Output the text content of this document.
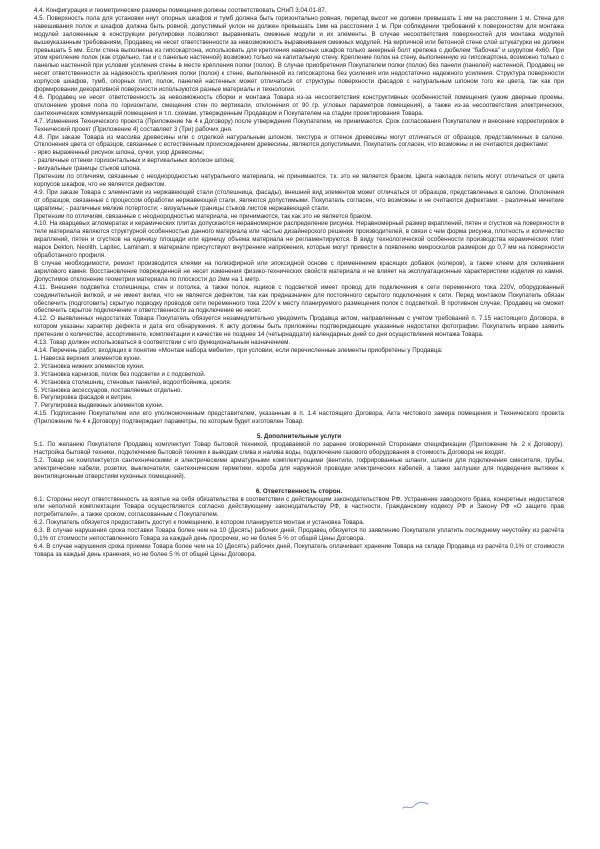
4.4. Конфигурация и геометрические размеры помещения должны соответствовать СНиП 3.04.01-87.

4.5. Поверхность пола для установки ниут опорных шкафов и тумб должна быть горизонтально ровная, перепад высот не должен превышать 1 мм на расстоянии 1 м. Стена для навешивания полок и шкафов должна быть ровной, допустимый уклон не должен превышать 1мм на расстоянии 1 м. При соблюдении требований к поверхностям для монтажа модулей заложенные в конструкции регулировки позволяют выравнивать смежные модули и их элементы. В случае несоответствия поверхностей для монтажа модулей вышеуказанным требованиям, Продавец не несет ответственности за невозможность выравнивания смежных модулей. На кирпичной или бетонной стене слой штукатурки не должен превышать 5 мм. Если стена выполнена из гипсокартона, использовать для крепления навесных шкафов только анкерный болт крепежа с дюбелем "бабочка" и шурупом 4х60. При этом крепление полок (как отдельно, так и с панелью настенной) возможно только на капитальную стену. Крепление полок на стену, выполненную из гипсокартона, возможно только с панелью настенной при условии усиления стены в месте крепления полки (полок). В случае приобретения Покупателем полки (полок) без панели (панелей) настенной, Продавец не несет ответственности за надежность крепления полки (полок) к стене, выполненной из гипсокартона без усиления или недостаточно надежного усиления. Структура поверхности корпусов шкафов, тумб, опорных плит, полок, панелей настенных может отличаться от структуры поверхности фасадов с натуральным шпоном того же цвета, так как при формировании декоративной поверхности используются разные материалы и технологии.

4.6. Продавец не несет ответственность за невозможность сборки и монтажа Товара из-за несоответствия конструктивных особенностей помещения (узкие дверные проемы, отклонение уровня пола по горизонтали, смещения стен по вертикали, отклонения от 90 гр. угловых параметров помещения), а также из-за несоответствия электрических, сантехнических коммуникаций помещения и т.п. схемам, утвержденным Продавцом и Покупателем на стадии проектирования Товара.

4.7. Изменения Технического проекта (Приложение № 4 к Договору) после утверждения Покупателем, не принимаются. Срок согласования Покупателем и внесение корректировок в Технический проект (Приложение 4) составляет 3 (Три) рабочих дня.

4.8. При заказе Товара из массива древесины или с отделкой натуральным шпоном, текстура и оттенок древесины могут отличаться от образцов, представленных в салоне. Отклонения цвета от образцов, связанные с естественным происхождением древесины, являются допустимыми. Покупатель согласен, что возможны и не считаются дефектами:

- ярко выраженный рисунок шпона, сучки, узор древесины;

- различные оттенки горизонтальных и вертикальных волокон шпона;

- визуальные границы стыков шпона.

Претензии по отличиям, связанные с неоднородностью натурального материала, не принимаются, т.к. это не является браком. Цвета накладок петель могут отличаться от цвета корпусов шкафов, что не является дефектом.

4.9. При заказе Товара с элементами из нержавеющей стали (столешница, фасады), внешний вид элементов может отличаться от образцов, представленных в салоне. Отклонения от образцов, связанные с процессом обработки нержавеющей стали, являются допустимыми. Покупатель согласен, что возможны и не считаются дефектами: - различные нечеткие царапины; - различные мелкие потертости; - визуальные границы стыков листов нержавеющей стали.

Претензии по отличиям, связанные с неоднородностью материала, не принимаются, так как это не является браком.

4.10. На кварцевых агломератах и керамических плитах допускаются неравномерное распределение рисунка. Неравномерный размер вкраплений, пятен и сгустков на поверхности в теле материала являются структурной особенностью данного материала или частью дизайнерского решения производителей, в связи с чем форма рисунка, плотность и количество вкраплений, пятен и сгустков на единицу площади или единицу объема материала не регламентируются. В виду технологической особенности производства керамических плит марок Dekton, Neolith, Lapitec, Laminam, в материале присутствуют внутренние напряжения, которые могут привести в появлению микросколов размером до 0,7 мм на поверхности обработанного профиля.

В случае необходимости, ремонт производится клеями на полиэфирной или эпоксидной основе с применением красящих добавок (колеров), а также клеем для склеивания акрилового камня. Восстановление поврежденной не несет изменения физико-технических свойств материала и не влияет на эксплуатационные характеристики изделия из камня. Допустимое отклонение геометрии материала по плоскости до 2мм на 1 метр.

4.11. Внешняя подсветка столешницы, стен и потолка, а также полок, ящиков с подсветкой имеет провод для подключения к сети переменного тока 220V, оборудованный соединительной вилкой, и не имеет вилки, что не является дефектом, так как предназначен для постоянного скрытого подключения к сети. Перед монтажом Покупатель обязан обеспечить (подготовить) скрытую подводку проводов сети переменного тока 220V к месту планируемого размещения полок с подсветкой. В противном случае, Продавец не сможет обеспечить скрытое подключение и ответственности за подключение не несет.

4.12. О выявленных недостатках Товара Покупатель обязуется незамедлительно уведомить Продавца актом, направленным с учетом требований п. 7.15 настоящего Договора, в котором указаны характер дефекта и дата его обнаружения. К акту должны быть приложены подтверждающие указанные недостатки фотографии. Покупатель вправе заявить претензии о количестве, ассортименте, комплектации и качестве не позднее 14 (четырнадцати) календарных дней со дня осуществления монтажа Товара.

4.13. Товар должен использоваться в соответствии с его функциональным назначением.

4.14. Перечень работ, входящих в понятие «Монтаж набора мебели», при условии, если перечисленные элементы приобретены у Продавца:

1. Навеска верхних элементов кухни.

2. Установка нижних элементов кухни.

3. Установка карнизов, полок без подсветки и с подсветкой.

4. Установка столешниц, стеновых панелей, водоотбойника, цоколя.

5. Установка аксессуаров, поставляемых отдельно.

6. Регулировка фасадов и витрин.

7. Регулировка выдвижных элементов кухни.

4.15. Подписание Покупателем или его уполномоченным представителем, указанным в п. 1.4 настоящего Договора, Акта чистового замера помещения и Технического проекта (Приложение № 4 к Договору) подтверждает параметры, по которым будет изготовлен Товар.

5. Дополнительные услуги

5.1. По желанию Покупателя Продавец комплектует Товар бытовой техникой, продаваемой по заранее оговоренной Сторонами спецификации (Приложение № 2 к Договору). Настройка бытовой техники, подключение бытовой техники к выводам слива и налива воды, подключение газового оборудования в стоимость Договора не входят.

5.2. Товар не комплектуется сантехническими и электрическими арматурными комплектующими (вентили, гофрированные шланги, шланги для подключения смесителя, трубы, электрические кабели, розетки, выключатели, сантехнические герметики, короба для наружной проводки электрических кабелей, а также заглушки для подведения вытяжек к вентиляционным отверстиям кухонных помещений).

6. Ответственность сторон.

6.1. Стороны несут ответственность за взятые на себя обязательства в соответствии с действующим законодательством РФ. Устранение заводского брака, конкретных недостатков или неполной комплектации Товара осуществляется согласно действующему законодательству РФ, в частности, Гражданскому кодексу РФ и Закону РФ «О защите прав потребителей», а также сроком, согласованным с Покупателем.

6.2. Покупатель обязуется предоставить доступ к помещению, в котором планируется монтаж и установка Товара.

6.3. В случае нарушения срока поставки Товара более чем на 10 (Десять) рабочих дней, Продавец обязуется по заявлению Покупателя уплатить последнему неустойку из расчёта 0,1% от стоимости непоставленного Товара за каждый день просрочки, но не более 5 % от общей Цены Договора.

6.4. В случае нарушения срока приемки Товара более чем на 10 (Десять) рабочих дней, Покупатель оплачивает хранение Товара на складе Продавца из расчёта 0,1% от стоимости товара за каждый день хранения, но не более 5 % от общей Цены Договора.
